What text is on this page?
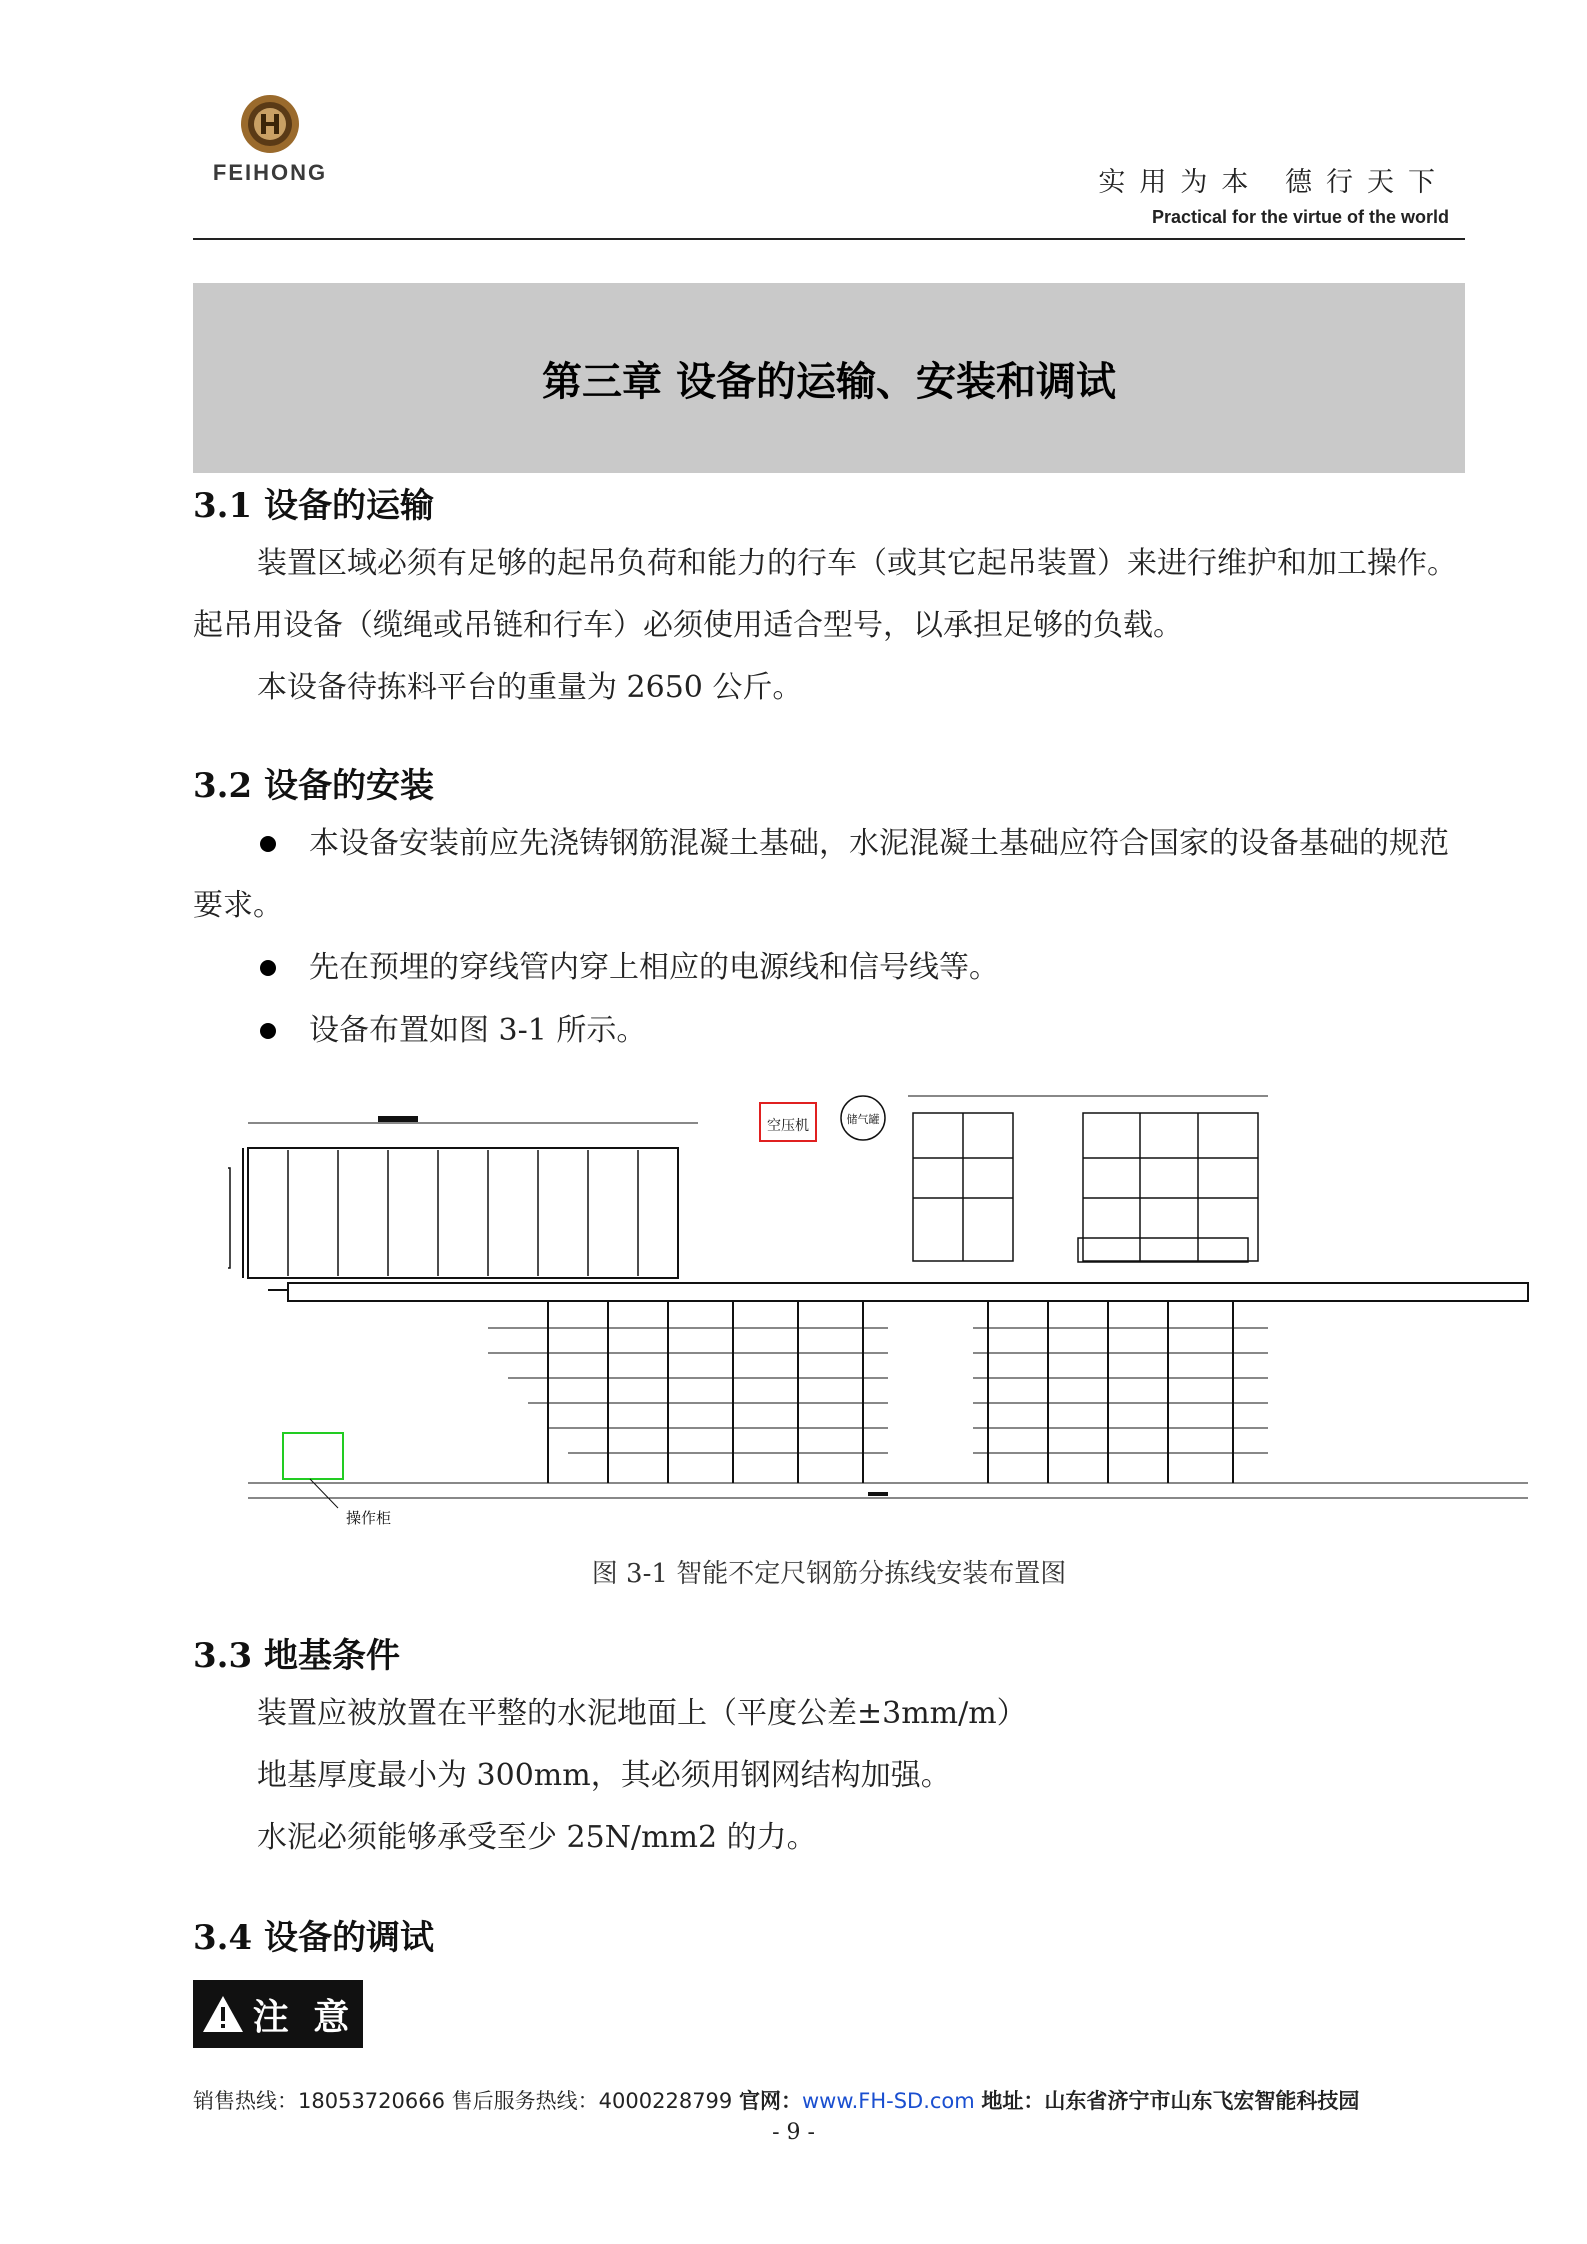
FEIHONG	实用为本 德行天下
Practical for the virtue of the world
第三章 设备的运输、安装和调试
3.1 设备的运输

装置区域必须有足够的起吊负荷和能力的行车（或其它起吊装置）来进行维护和加工操作。起吊用设备（缆绳或吊链和行车）必须使用适合型号，以承担足够的负载。

本设备待拣料平台的重量为 2650 公斤。

3.2 设备的安装

本设备安装前应先浇铸钢筋混凝土基础，水泥混凝土基础应符合国家的设备基础的规范要求。

先在预埋的穿线管内穿上相应的电源线和信号线等。

设备布置如图 3-1 所示。

空压机	储气罐
操作柜
图 3-1 智能不定尺钢筋分拣线安装布置图
3.3 地基条件

装置应被放置在平整的水泥地面上（平度公差±3mm/m）

地基厚度最小为 300mm，其必须用钢网结构加强。

水泥必须能够承受至少 25N/mm2 的力。

3.4 设备的调试
注 意
销售热线：18053720666 售后服务热线：4000228799 官网：www.FH-SD.com 地址：山东省济宁市山东飞宏智能科技园
- 9 -
